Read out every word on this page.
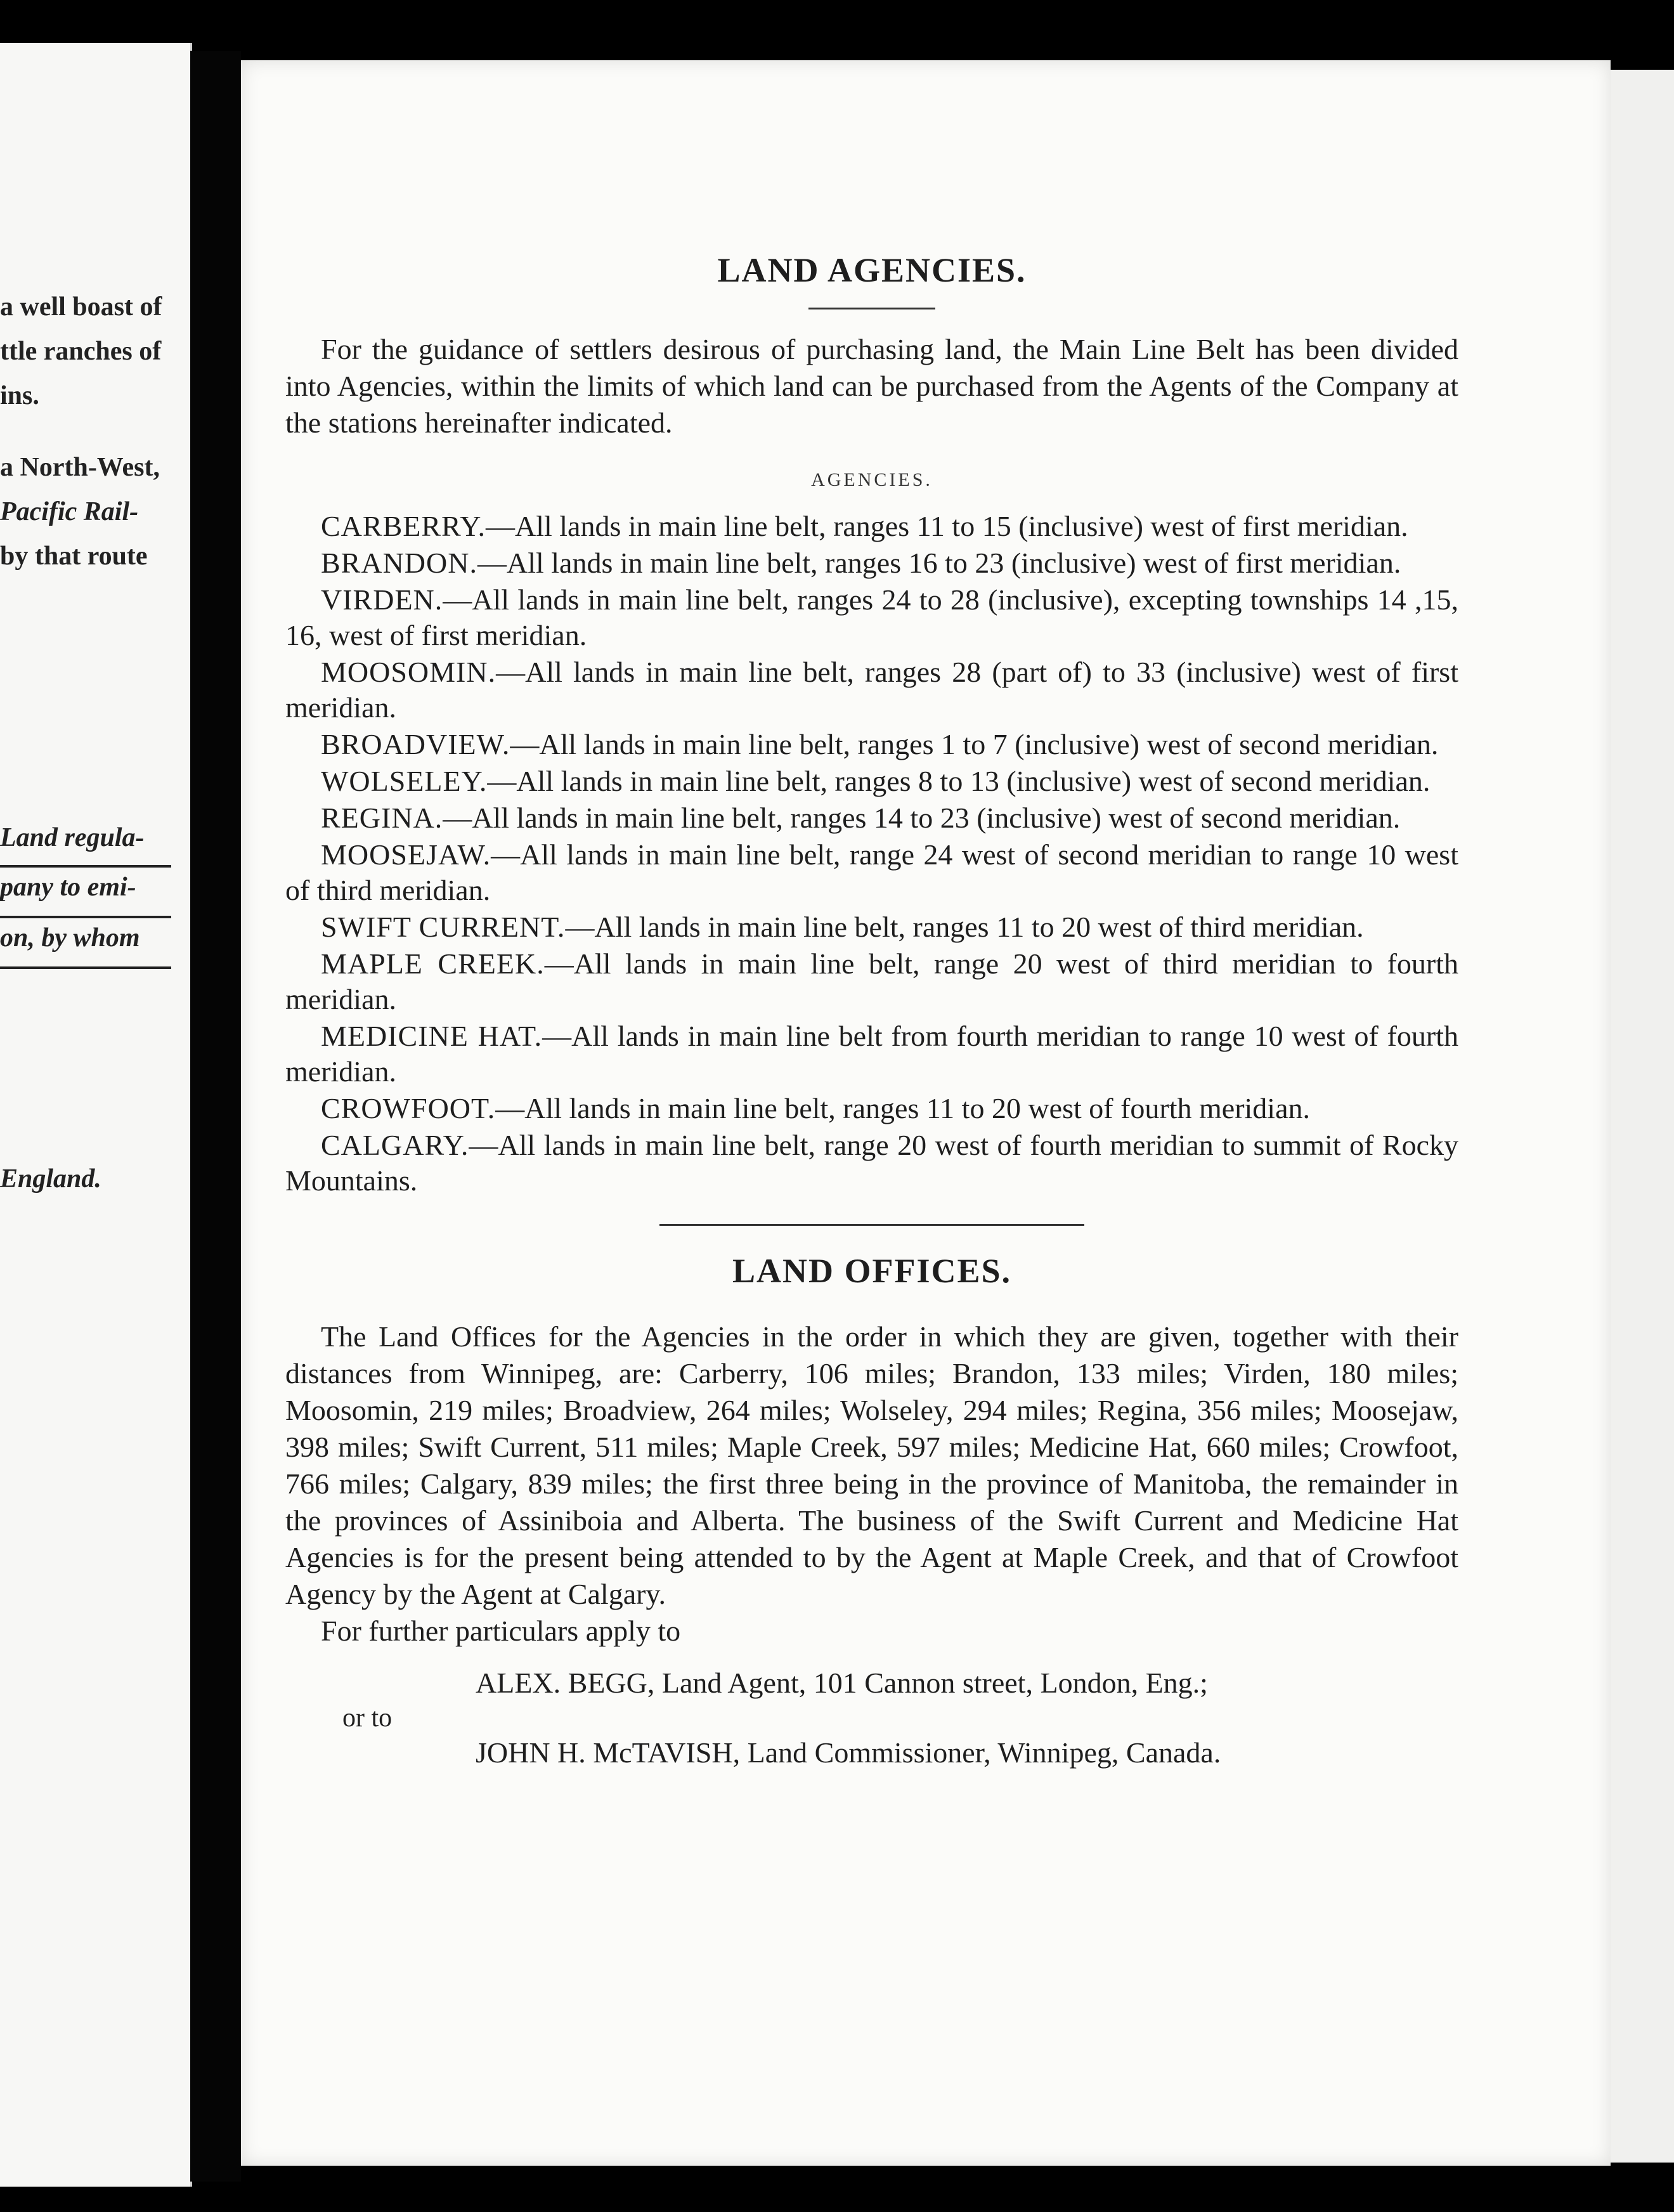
a well boast of
ttle ranches of
ins.
a North-West,
Pacific Rail-
by that route
Land regula-
pany to emi-
on, by whom
England.
LAND AGENCIES.

For the guidance of settlers desirous of purchasing land, the Main Line Belt has been divided into Agencies, within the limits of which land can be purchased from the Agents of the Company at the stations hereinafter indicated.

AGENCIES.

CARBERRY.—All lands in main line belt, ranges 11 to 15 (inclusive) west of first meridian.

BRANDON.—All lands in main line belt, ranges 16 to 23 (inclusive) west of first meridian.

VIRDEN.—All lands in main line belt, ranges 24 to 28 (inclusive), excepting townships 14 ,15, 16, west of first meridian.

MOOSOMIN.—All lands in main line belt, ranges 28 (part of) to 33 (inclusive) west of first meridian.

BROADVIEW.—All lands in main line belt, ranges 1 to 7 (inclusive) west of second meridian.

WOLSELEY.—All lands in main line belt, ranges 8 to 13 (inclusive) west of second meridian.

REGINA.—All lands in main line belt, ranges 14 to 23 (inclusive) west of second meridian.

MOOSEJAW.—All lands in main line belt, range 24 west of second meridian to range 10 west of third meridian.

SWIFT CURRENT.—All lands in main line belt, ranges 11 to 20 west of third meridian.

MAPLE CREEK.—All lands in main line belt, range 20 west of third meridian to fourth meridian.

MEDICINE HAT.—All lands in main line belt from fourth meridian to range 10 west of fourth meridian.

CROWFOOT.—All lands in main line belt, ranges 11 to 20 west of fourth meridian.

CALGARY.—All lands in main line belt, range 20 west of fourth meridian to summit of Rocky Mountains.

LAND OFFICES.

The Land Offices for the Agencies in the order in which they are given, together with their distances from Winnipeg, are: Carberry, 106 miles; Brandon, 133 miles; Virden, 180 miles; Moosomin, 219 miles; Broadview, 264 miles; Wolseley, 294 miles; Regina, 356 miles; Moosejaw, 398 miles; Swift Current, 511 miles; Maple Creek, 597 miles; Medicine Hat, 660 miles; Crowfoot, 766 miles; Calgary, 839 miles; the first three being in the province of Manitoba, the remainder in the provinces of Assiniboia and Alberta. The business of the Swift Current and Medicine Hat Agencies is for the present being attended to by the Agent at Maple Creek, and that of Crowfoot Agency by the Agent at Calgary.

For further particulars apply to

ALEX. BEGG, Land Agent, 101 Cannon street, London, Eng.;
or to
JOHN H. McTAVISH, Land Commissioner, Winnipeg, Canada.
